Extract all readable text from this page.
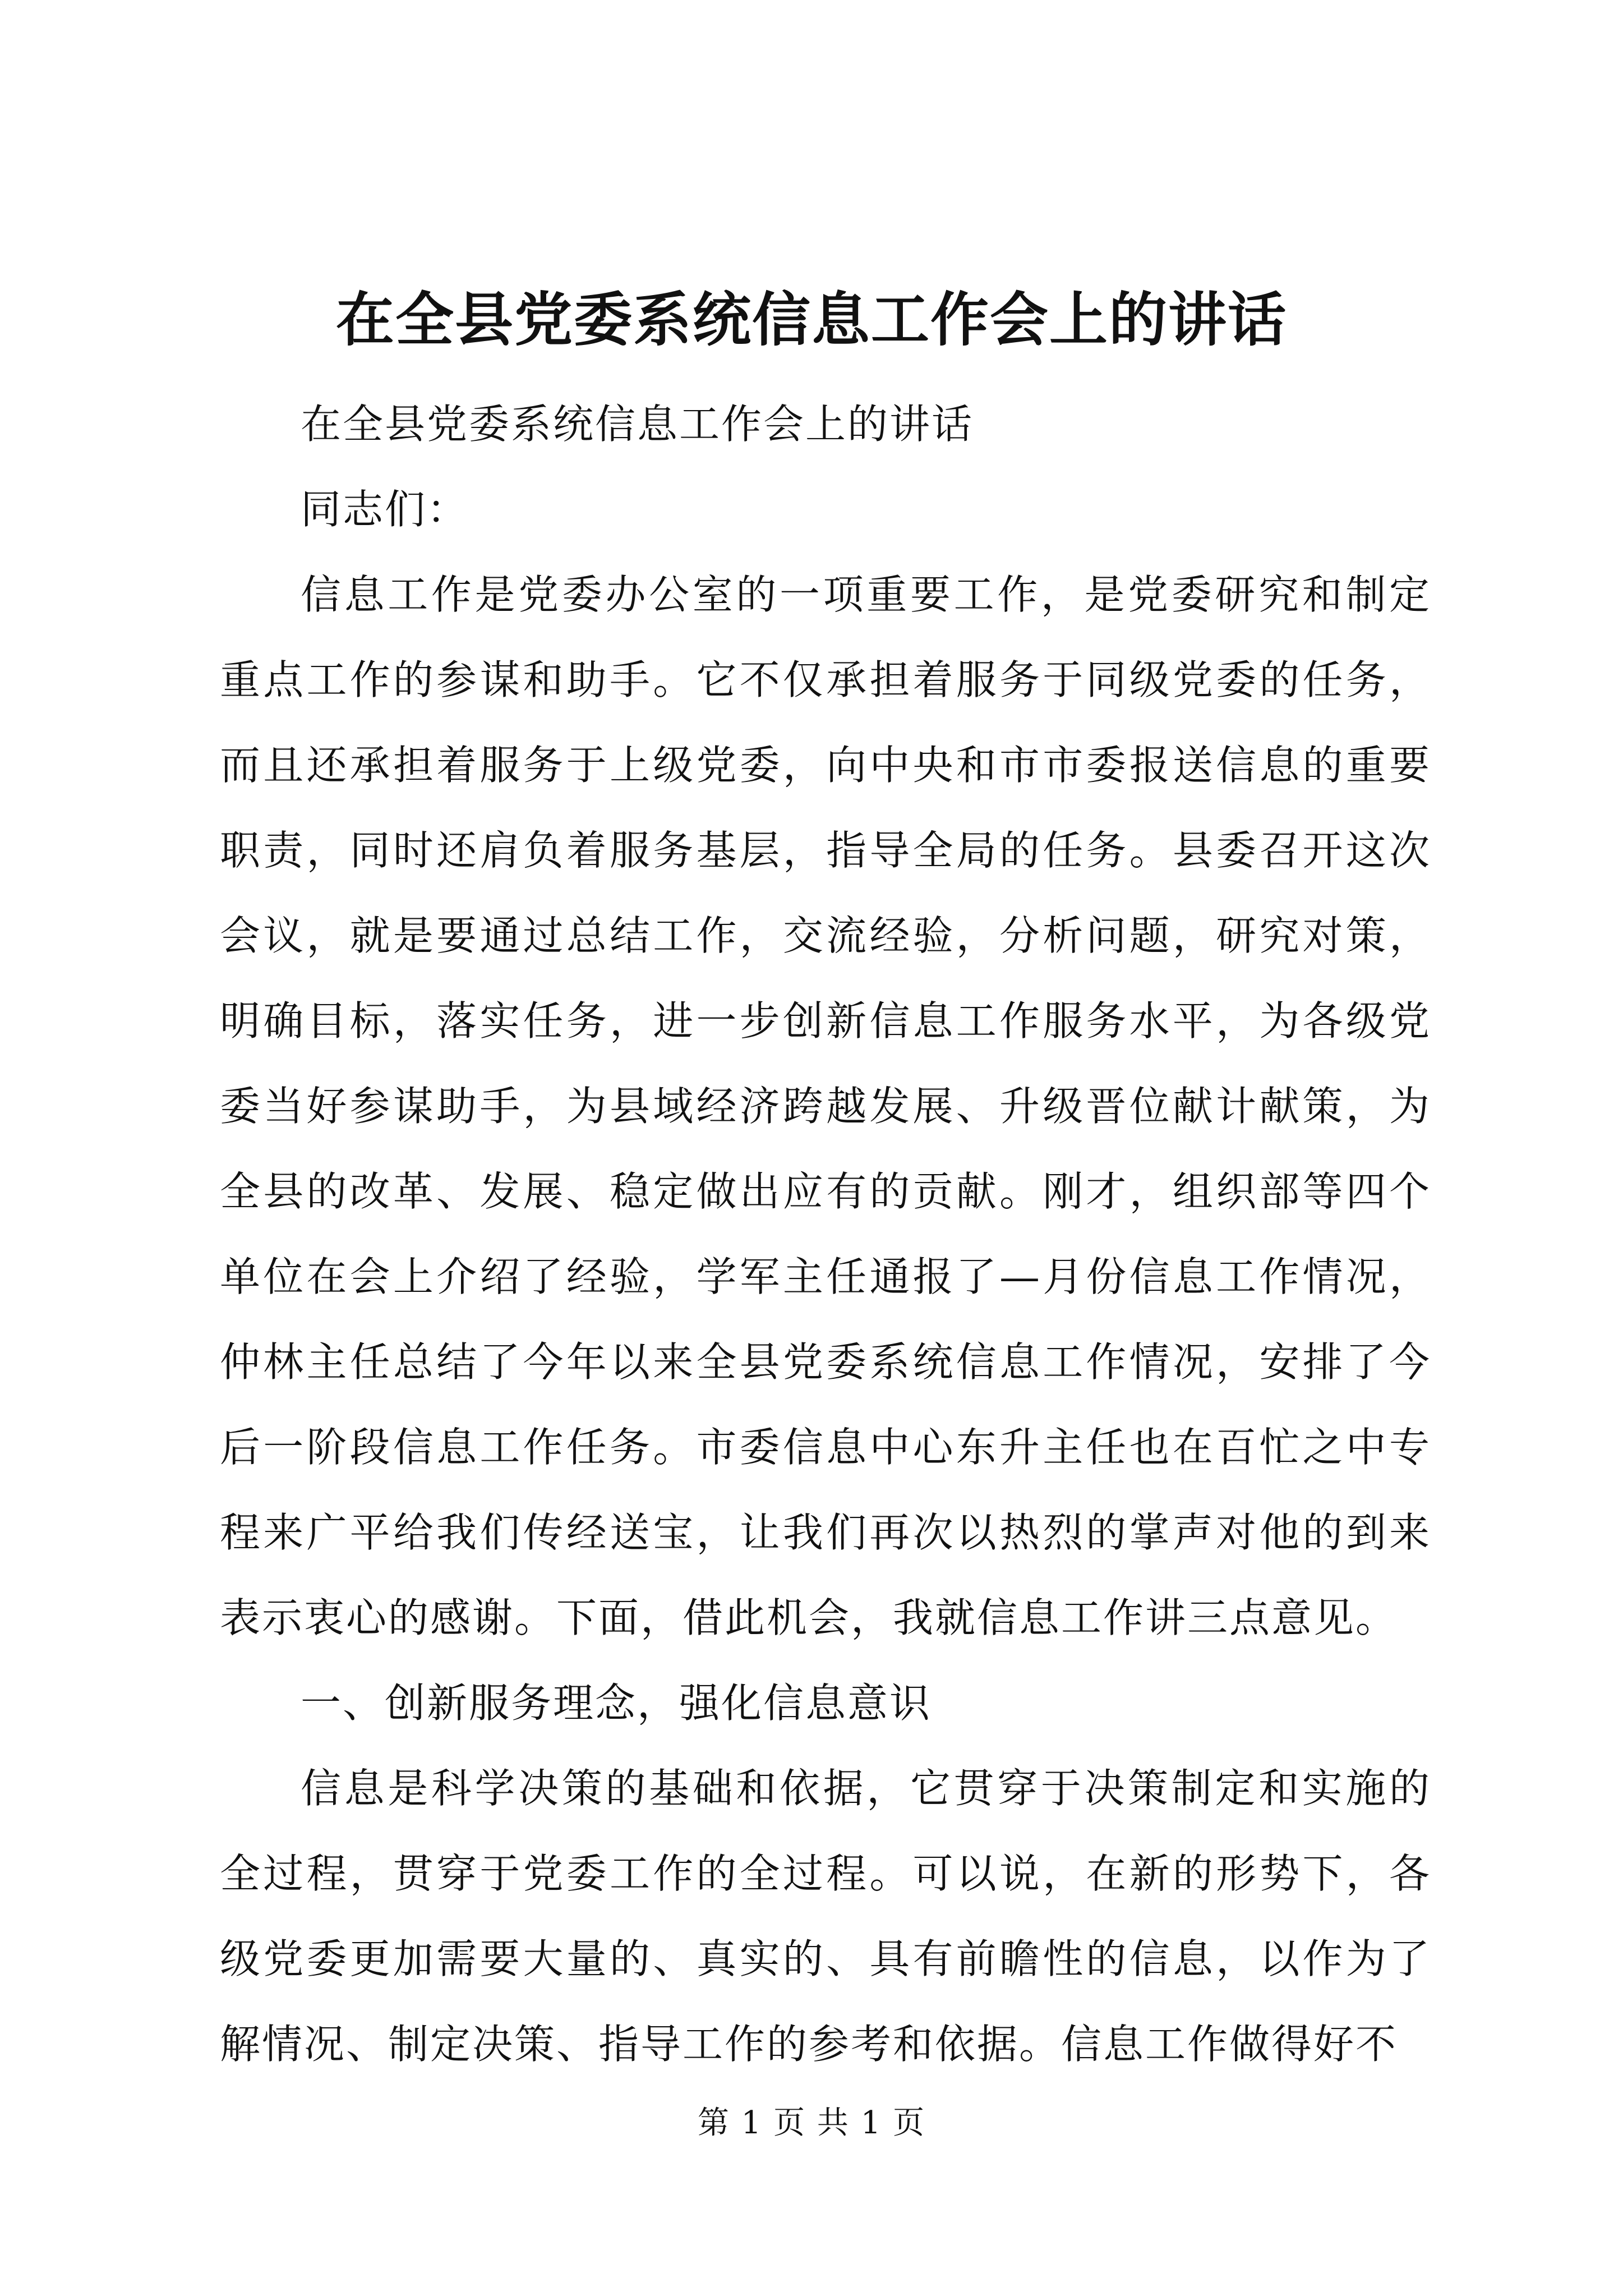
在全县党委系统信息工作会上的讲话

在全县党委系统信息工作会上的讲话

同志们：

信息工作是党委办公室的一项重要工作，是党委研究和制定重点工作的参谋和助手。它不仅承担着服务于同级党委的任务，而且还承担着服务于上级党委，向中央和市市委报送信息的重要职责，同时还肩负着服务基层，指导全局的任务。县委召开这次会议，就是要通过总结工作，交流经验，分析问题，研究对策，明确目标，落实任务，进一步创新信息工作服务水平，为各级党委当好参谋助手，为县域经济跨越发展、升级晋位献计献策，为全县的改革、发展、稳定做出应有的贡献。刚才，组织部等四个单位在会上介绍了经验，学军主任通报了—月份信息工作情况，仲林主任总结了今年以来全县党委系统信息工作情况，安排了今后一阶段信息工作任务。市委信息中心东升主任也在百忙之中专程来广平给我们传经送宝，让我们再次以热烈的掌声对他的到来表示衷心的感谢。下面，借此机会，我就信息工作讲三点意见。

一、创新服务理念，强化信息意识

信息是科学决策的基础和依据，它贯穿于决策制定和实施的全过程，贯穿于党委工作的全过程。可以说，在新的形势下，各级党委更加需要大量的、真实的、具有前瞻性的信息，以作为了解情况、制定决策、指导工作的参考和依据。信息工作做得好不

第 1 页 共 1 页
